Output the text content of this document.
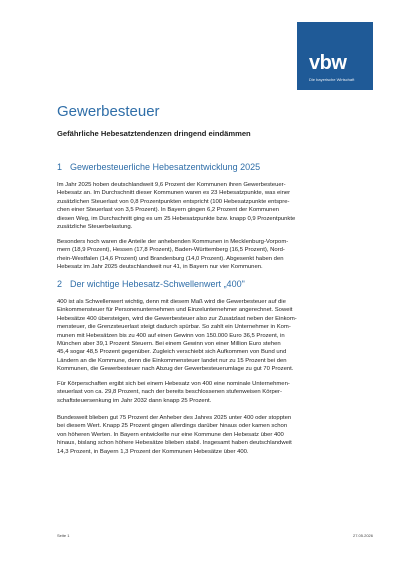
vbw
Die bayerische Wirtschaft
Gewerbesteuer
Gefährliche Hebesatztendenzen dringend eindämmen
1 Gewerbesteuerliche Hebesatzentwicklung 2025
Im Jahr 2025 hoben deutschlandweit 9,6 Prozent der Kommunen ihren Gewerbesteuer-
Hebesatz an. Im Durchschnitt dieser Kommunen waren es 23 Hebesatzpunkte, was einer
zusätzlichen Steuerlast von 0,8 Prozentpunkten entspricht (100 Hebesatzpunkte entspre-
chen einer Steuerlast von 3,5 Prozent). In Bayern gingen 6,2 Prozent der Kommunen
diesen Weg, im Durchschnitt ging es um 25 Hebesatzpunkte bzw. knapp 0,9 Prozentpunkte
zusätzliche Steuerbelastung.
Besonders hoch waren die Anteile der anhebenden Kommunen in Mecklenburg-Vorpom-
mern (18,9 Prozent), Hessen (17,8 Prozent), Baden-Württemberg (16,5 Prozent), Nord-
rhein-Westfalen (14,6 Prozent) und Brandenburg (14,0 Prozent). Abgesenkt haben den
Hebesatz im Jahr 2025 deutschlandweit nur 41, in Bayern nur vier Kommunen.
2 Der wichtige Hebesatz-Schwellenwert „400"
400 ist als Schwellenwert wichtig, denn mit diesem Maß wird die Gewerbesteuer auf die
Einkommensteuer für Personenunternehmen und Einzelunternehmer angerechnet. Soweit
Hebesätze 400 übersteigen, wird die Gewerbesteuer also zur Zusatzlast neben der Einkom-
mensteuer, die Grenzsteuerlast steigt dadurch spürbar. So zahlt ein Unternehmer in Kom-
munen mit Hebesätzen bis zu 400 auf einen Gewinn von 150.000 Euro 36,5 Prozent, in
München aber 39,1 Prozent Steuern. Bei einem Gewinn von einer Million Euro stehen
45,4 sogar 48,5 Prozent gegenüber. Zugleich verschiebt sich Aufkommen von Bund und
Ländern an die Kommune, denn die Einkommensteuer landet nur zu 15 Prozent bei den
Kommunen, die Gewerbesteuer nach Abzug der Gewerbesteuerumlage zu gut 70 Prozent.
Für Körperschaften ergibt sich bei einem Hebesatz von 400 eine nominale Unternehmen-
steuerlast von ca. 29,8 Prozent, nach der bereits beschlossenen stufenweisen Körper-
schaftsteuersenkung im Jahr 2032 dann knapp 25 Prozent.
Bundesweit blieben gut 75 Prozent der Anheber des Jahres 2025 unter 400 oder stoppten
bei diesem Wert. Knapp 25 Prozent gingen allerdings darüber hinaus oder kamen schon
von höheren Werten. In Bayern entwickelte nur eine Kommune den Hebesatz über 400
hinaus, bislang schon höhere Hebesätze blieben stabil. Insgesamt haben deutschlandweit
14,3 Prozent, in Bayern 1,3 Prozent der Kommunen Hebesätze über 400.
Seite 1	27.05.2026
